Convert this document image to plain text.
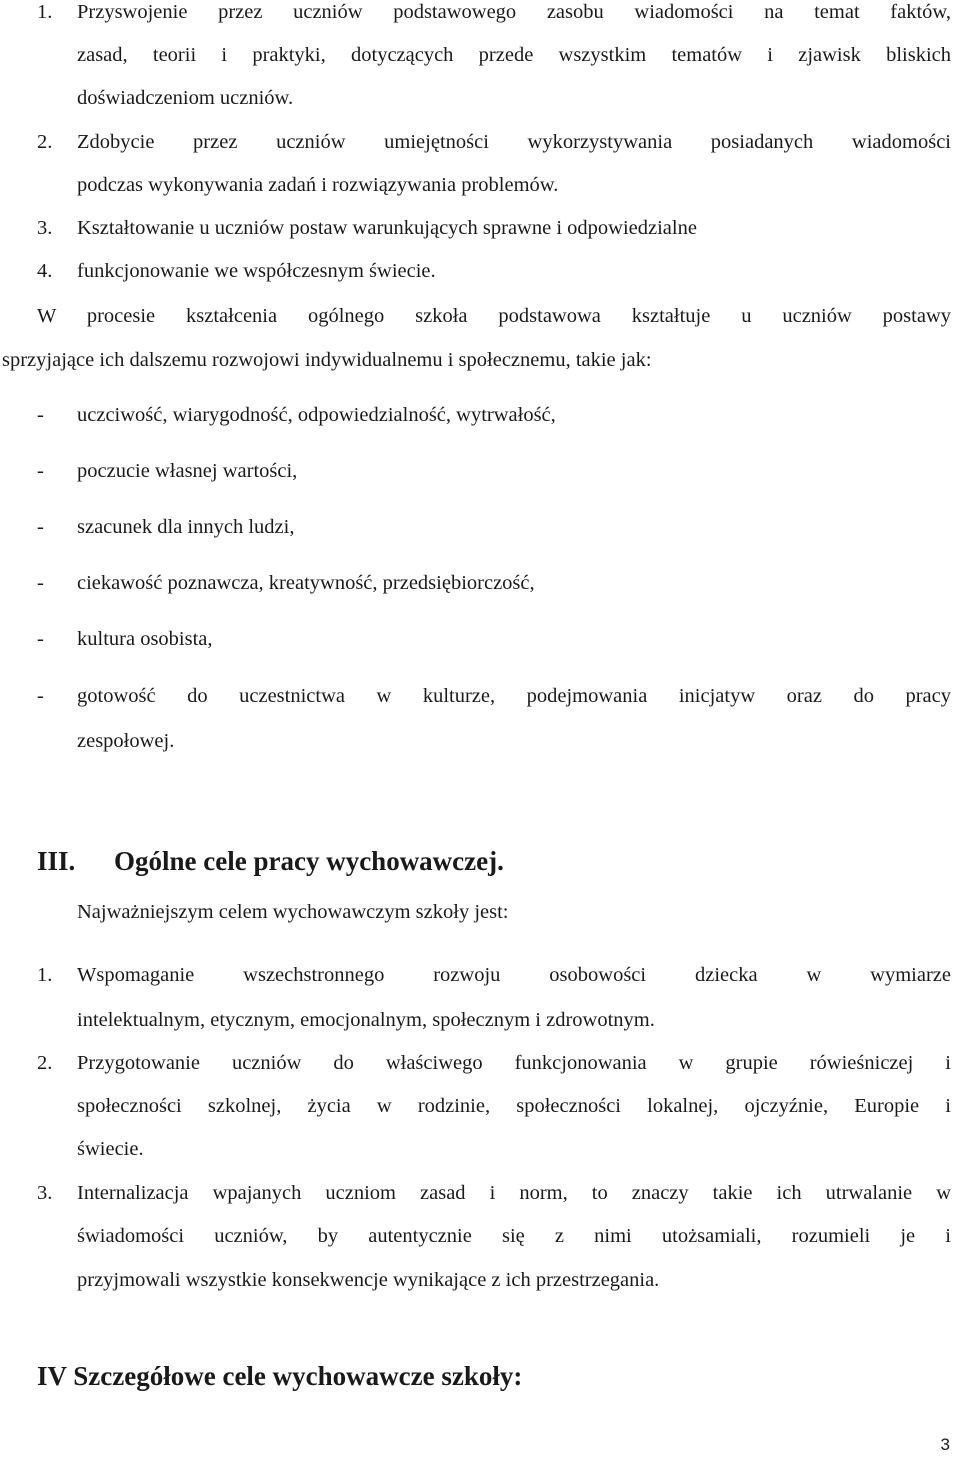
1. Przyswojenie przez uczniów podstawowego zasobu wiadomości na temat faktów,
zasad, teorii i praktyki, dotyczących przede wszystkim tematów i zjawisk bliskich
doświadczeniom uczniów.
2. Zdobycie przez uczniów umiejętności wykorzystywania posiadanych wiadomości
podczas wykonywania zadań i rozwiązywania problemów.
3. Kształtowanie u uczniów postaw warunkujących sprawne i odpowiedzialne
4. funkcjonowanie we współczesnym świecie.
W procesie kształcenia ogólnego szkoła podstawowa kształtuje u uczniów postawy
sprzyjające ich dalszemu rozwojowi indywidualnemu i społecznemu, takie jak:
- uczciwość, wiarygodność, odpowiedzialność, wytrwałość,
- poczucie własnej wartości,
- szacunek dla innych ludzi,
- ciekawość poznawcza, kreatywność, przedsiębiorczość,
- kultura osobista,
- gotowość do uczestnictwa w kulturze, podejmowania inicjatyw oraz do pracy
zespołowej.
III. Ogólne cele pracy wychowawczej.
Najważniejszym celem wychowawczym szkoły jest:
1. Wspomaganie wszechstronnego rozwoju osobowości dziecka w wymiarze
intelektualnym, etycznym, emocjonalnym, społecznym i zdrowotnym.
2. Przygotowanie uczniów do właściwego funkcjonowania w grupie rówieśniczej i
społeczności szkolnej, życia w rodzinie, społeczności lokalnej, ojczyźnie, Europie i
świecie.
3. Internalizacja wpajanych uczniom zasad i norm, to znaczy takie ich utrwalanie w
świadomości uczniów, by autentycznie się z nimi utożsamiali, rozumieli je i
przyjmowali wszystkie konsekwencje wynikające z ich przestrzegania.
IV Szczegółowe cele wychowawcze szkoły:
3
